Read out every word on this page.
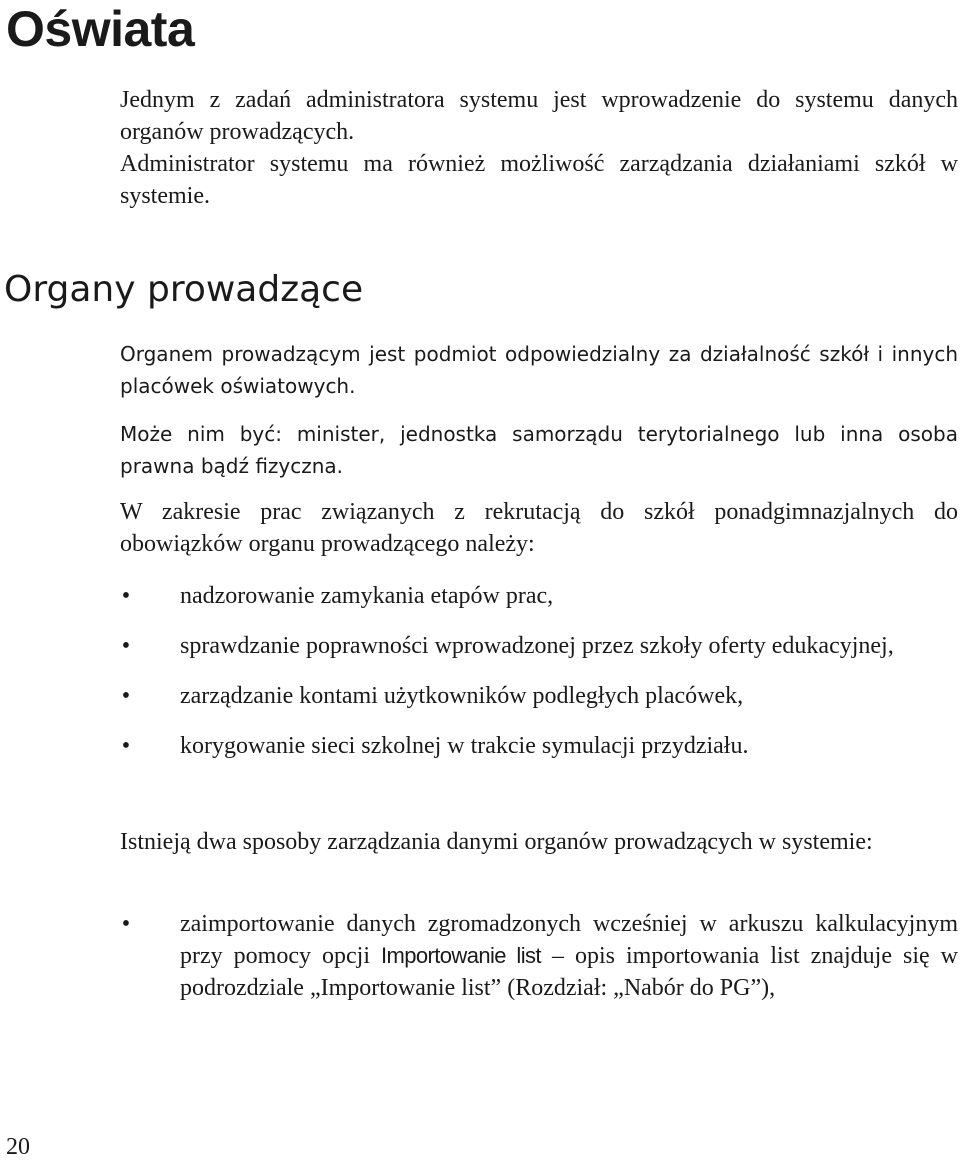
Oświata
Jednym z zadań administratora systemu jest wprowadzenie do systemu danych organów prowadzących.
Administrator systemu ma również możliwość zarządzania działaniami szkół w systemie.
Organy prowadzące

Organem prowadzącym jest podmiot odpowiedzialny za działalność szkół i innych placówek oświatowych.

Może nim być: minister, jednostka samorządu terytorialnego lub inna osoba prawna bądź fizyczna.

W zakresie prac związanych z rekrutacją do szkół ponadgimnazjalnych do obowiązków organu prowadzącego należy:

• nadzorowanie zamykania etapów prac,
• sprawdzanie poprawności wprowadzonej przez szkoły oferty edukacyjnej,
• zarządzanie kontami użytkowników podległych placówek,
• korygowanie sieci szkolnej w trakcie symulacji przydziału.

Istnieją dwa sposoby zarządzania danymi organów prowadzących w systemie:

• zaimportowanie danych zgromadzonych wcześniej w arkuszu kalkulacyjnym przy pomocy opcji Importowanie list – opis importowania list znajduje się w podrozdziale „Importowanie list” (Rozdział: „Nabór do PG”),
20
